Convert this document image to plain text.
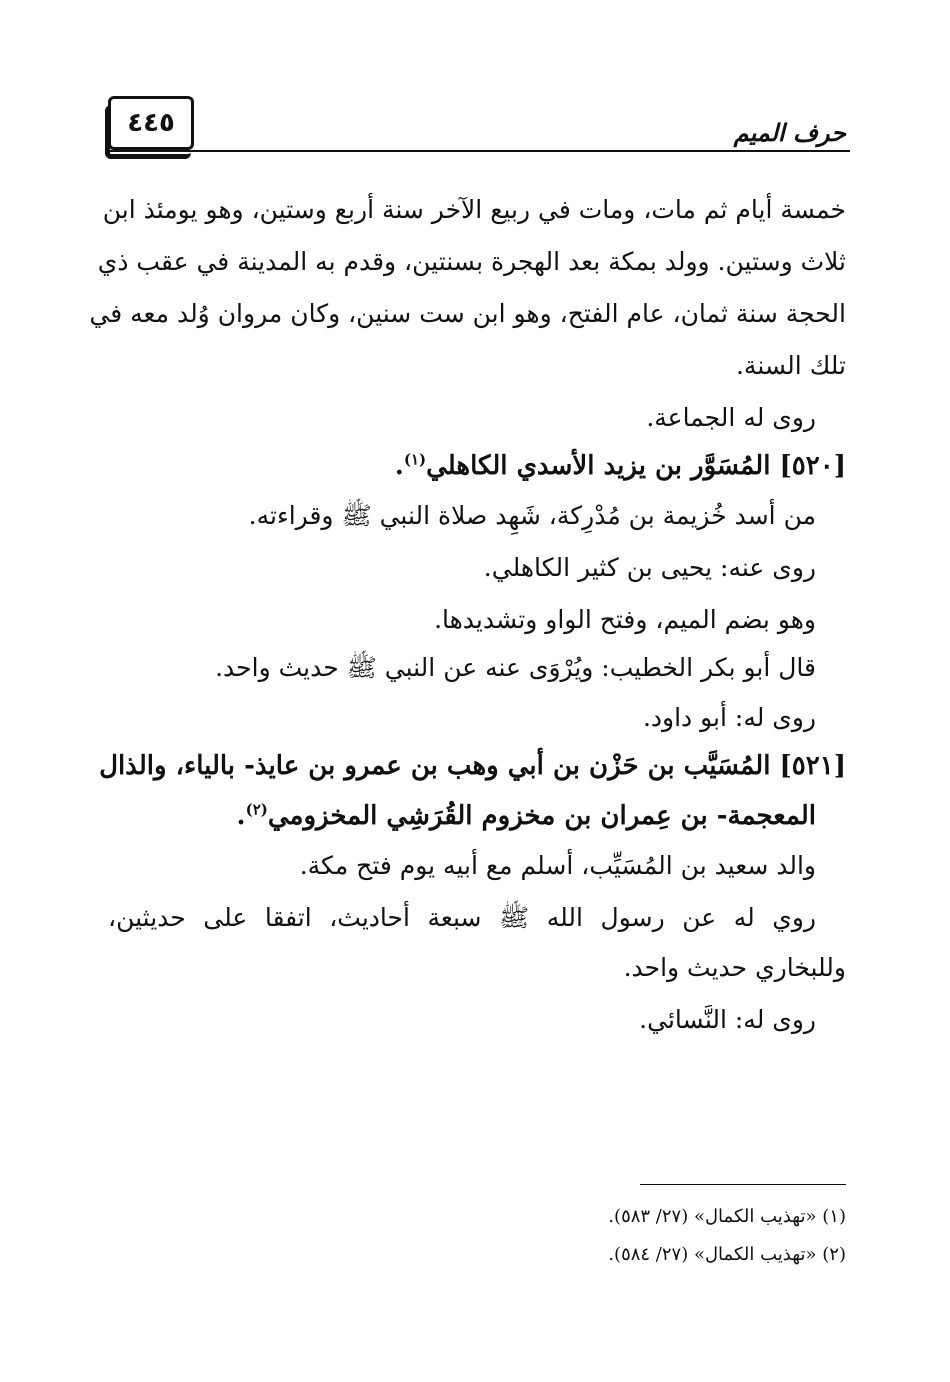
٤٤٥	حرف الميم
خمسة أيام ثم مات، ومات في ربيع الآخر سنة أربع وستين، وهو يومئذ ابن
ثلاث وستين. وولد بمكة بعد الهجرة بسنتين، وقدم به المدينة في عقب ذي
الحجة سنة ثمان، عام الفتح، وهو ابن ست سنين، وكان مروان وُلد معه في
تلك السنة.
روى له الجماعة.
[٥٢٠] المُسَوَّر بن يزيد الأسدي الكاهلي$^{(١)}$.
من أسد خُزيمة بن مُدْرِكة، شَهِد صلاة النبي ﷺ وقراءته.
روى عنه: يحيى بن كثير الكاهلي.
وهو بضم الميم، وفتح الواو وتشديدها.
قال أبو بكر الخطيب: ويُرْوَى عنه عن النبي ﷺ حديث واحد.
روى له: أبو داود.
[٥٢١] المُسَيَّب بن حَزْن بن أبي وهب بن عمرو بن عايذ- بالياء، والذال
المعجمة- بن عِمران بن مخزوم القُرَشِي المخزومي$^{(٢)}$.
والد سعيد بن المُسَيِّب، أسلم مع أبيه يوم فتح مكة.
روي له عن رسول الله ﷺ سبعة أحاديث، اتفقا على حديثين،
وللبخاري حديث واحد.
روى له: النَّسائي.
(١) «تهذيب الكمال» (٢٧/ ٥٨٣).
(٢) «تهذيب الكمال» (٢٧/ ٥٨٤).
